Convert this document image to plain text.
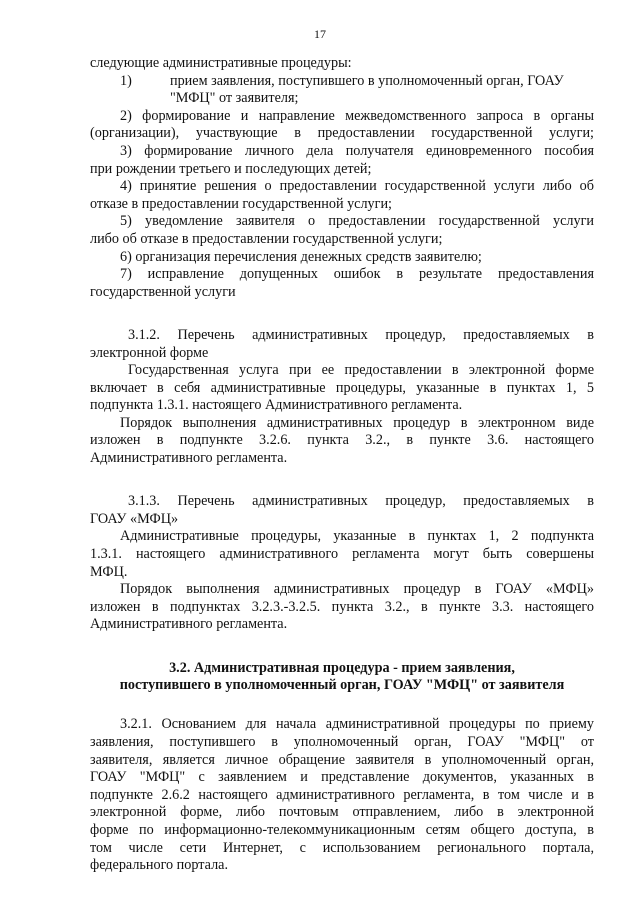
17
следующие административные процедуры:
1)	прием заявления, поступившего в уполномоченный орган, ГОАУ
"МФЦ" от заявителя;
2) формирование и направление межведомственного запроса в органы
(организации), участвующие в предоставлении государственной услуги;
3) формирование личного дела получателя единовременного пособия
при рождении третьего и последующих детей;
4) принятие решения о предоставлении государственной услуги либо об
отказе в предоставлении государственной услуги;
5) уведомление заявителя о предоставлении государственной услуги
либо об отказе в предоставлении государственной услуги;
6) организация перечисления денежных средств заявителю;
7) исправление допущенных ошибок в результате предоставления
государственной услуги
3.1.2. Перечень административных процедур, предоставляемых в
электронной форме
Государственная услуга при ее предоставлении в электронной форме
включает в себя административные процедуры, указанные в пунктах 1, 5
подпункта 1.3.1. настоящего Административного регламента.
Порядок выполнения административных процедур в электронном виде
изложен в подпункте 3.2.6. пункта 3.2., в пункте 3.6. настоящего
Административного регламента.
3.1.3. Перечень административных процедур, предоставляемых в
ГОАУ «МФЦ»
Административные процедуры, указанные в пунктах 1, 2 подпункта
1.3.1. настоящего административного регламента могут быть совершены
МФЦ.
Порядок выполнения административных процедур в ГОАУ «МФЦ»
изложен в подпунктах 3.2.3.-3.2.5. пункта 3.2., в пункте 3.3. настоящего
Административного регламента.
3.2. Административная процедура - прием заявления,
поступившего в уполномоченный орган, ГОАУ "МФЦ" от заявителя
3.2.1. Основанием для начала административной процедуры по приему
заявления, поступившего в уполномоченный орган, ГОАУ "МФЦ" от
заявителя, является личное обращение заявителя в уполномоченный орган,
ГОАУ "МФЦ" с заявлением и представление документов, указанных в
подпункте 2.6.2 настоящего административного регламента, в том числе и в
электронной форме, либо почтовым отправлением, либо в электронной
форме по информационно-телекоммуникационным сетям общего доступа, в
том числе сети Интернет, с использованием регионального портала,
федерального портала.
